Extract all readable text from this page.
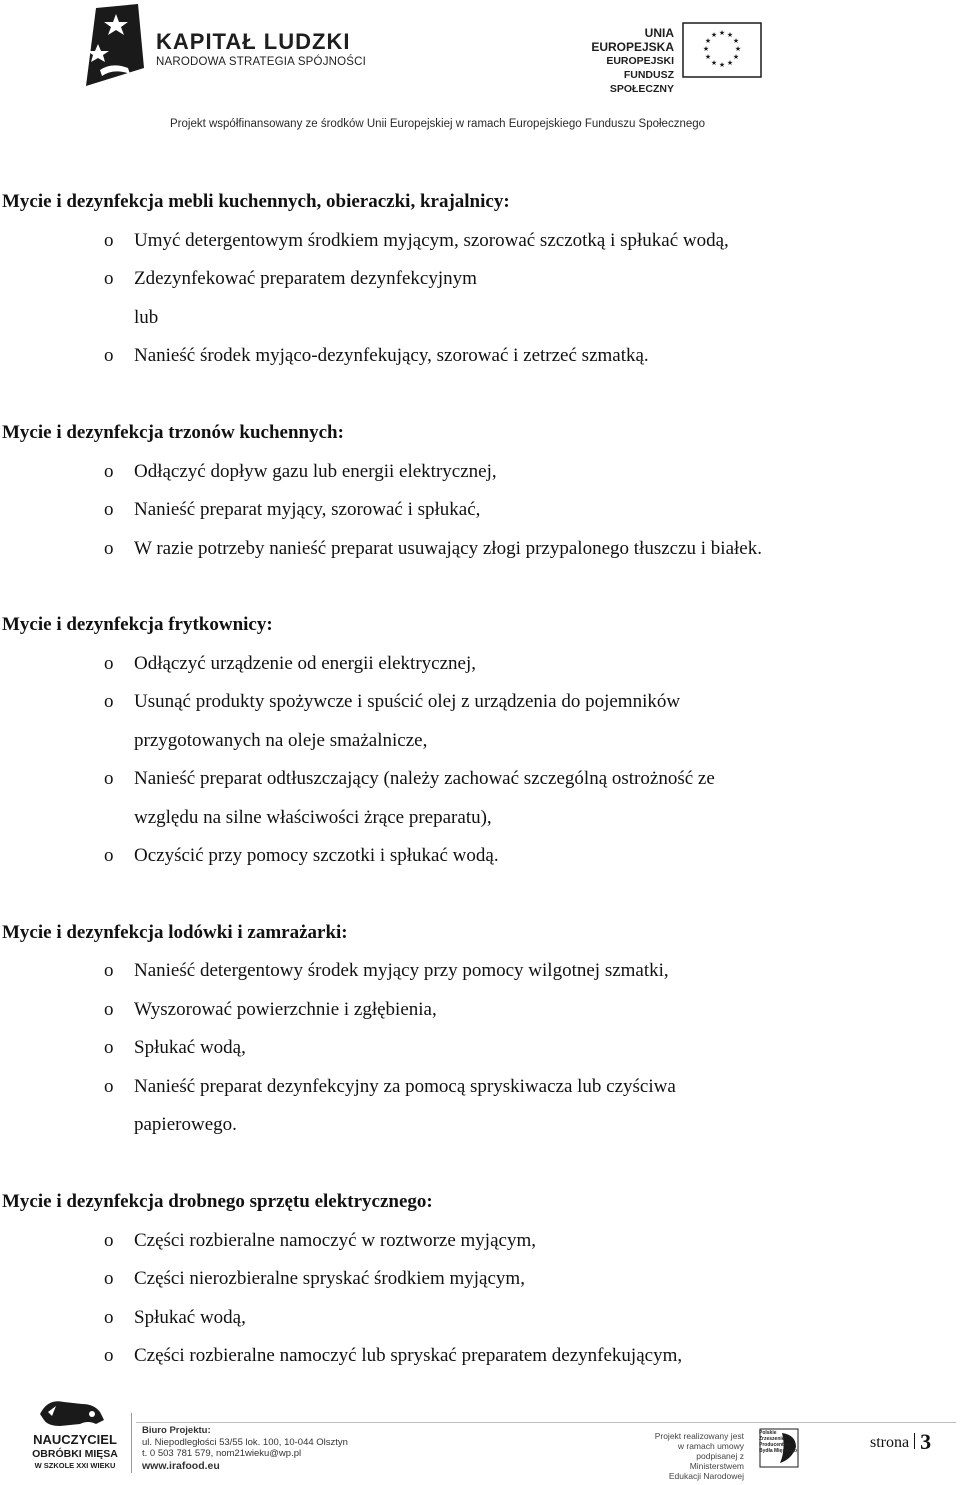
KAPITAŁ LUDZKI
NARODOWA STRATEGIA SPÓJNOŚCI
UNIA EUROPEJSKA
EUROPEJSKI
FUNDUSZ SPOŁECZNY
★ ★
★
★
★
★
★
★
★
★
★
★
Projekt współfinansowany ze środków Unii Europejskiej w ramach Europejskiego Funduszu Społecznego
Mycie i dezynfekcja mebli kuchennych, obieraczki, krajalnicy:
o Umyć detergentowym środkiem myjącym, szorować szczotką i spłukać wodą,
o Zdezynfekować preparatem dezynfekcyjnym
lub
o Nanieść środek myjąco-dezynfekujący, szorować i zetrzeć szmatką.
Mycie i dezynfekcja trzonów kuchennych:
o Odłączyć dopływ gazu lub energii elektrycznej,
o Nanieść preparat myjący, szorować i spłukać,
o W razie potrzeby nanieść preparat usuwający złogi przypalonego tłuszczu i białek.
Mycie i dezynfekcja frytkownicy:
o Odłączyć urządzenie od energii elektrycznej,
o Usunąć produkty spożywcze i spuścić olej z urządzenia do pojemników
przygotowanych na oleje smażalnicze,
o Nanieść preparat odtłuszczający (należy zachować szczególną ostrożność ze
względu na silne właściwości żrące preparatu),
o Oczyścić przy pomocy szczotki i spłukać wodą.
Mycie i dezynfekcja lodówki i zamrażarki:
o Nanieść detergentowy środek myjący przy pomocy wilgotnej szmatki,
o Wyszorować powierzchnie i zgłębienia,
o Spłukać wodą,
o Nanieść preparat dezynfekcyjny za pomocą spryskiwacza lub czyściwa
papierowego.
Mycie i dezynfekcja drobnego sprzętu elektrycznego:
o Części rozbieralne namoczyć w roztworze myjącym,
o Części nierozbieralne spryskać środkiem myjącym,
o Spłukać wodą,
o Części rozbieralne namoczyć lub spryskać preparatem dezynfekującym,
NAUCZYCIEL
OBRÓBKI MIĘSA
W SZKOLE XXI WIEKU
Biuro Projektu:
ul. Niepodległości 53/55 lok. 100, 10-044 Olsztyn
t. 0 503 781 579, nom21wieku@wp.pl
www.irafood.eu
Projekt realizowany jest
w ramach umowy
podpisanej z Ministerstwem
Edukacji Narodowej
Polskie
Zrzeszenie
Producentów
Bydła Mięsnego	strona 3
